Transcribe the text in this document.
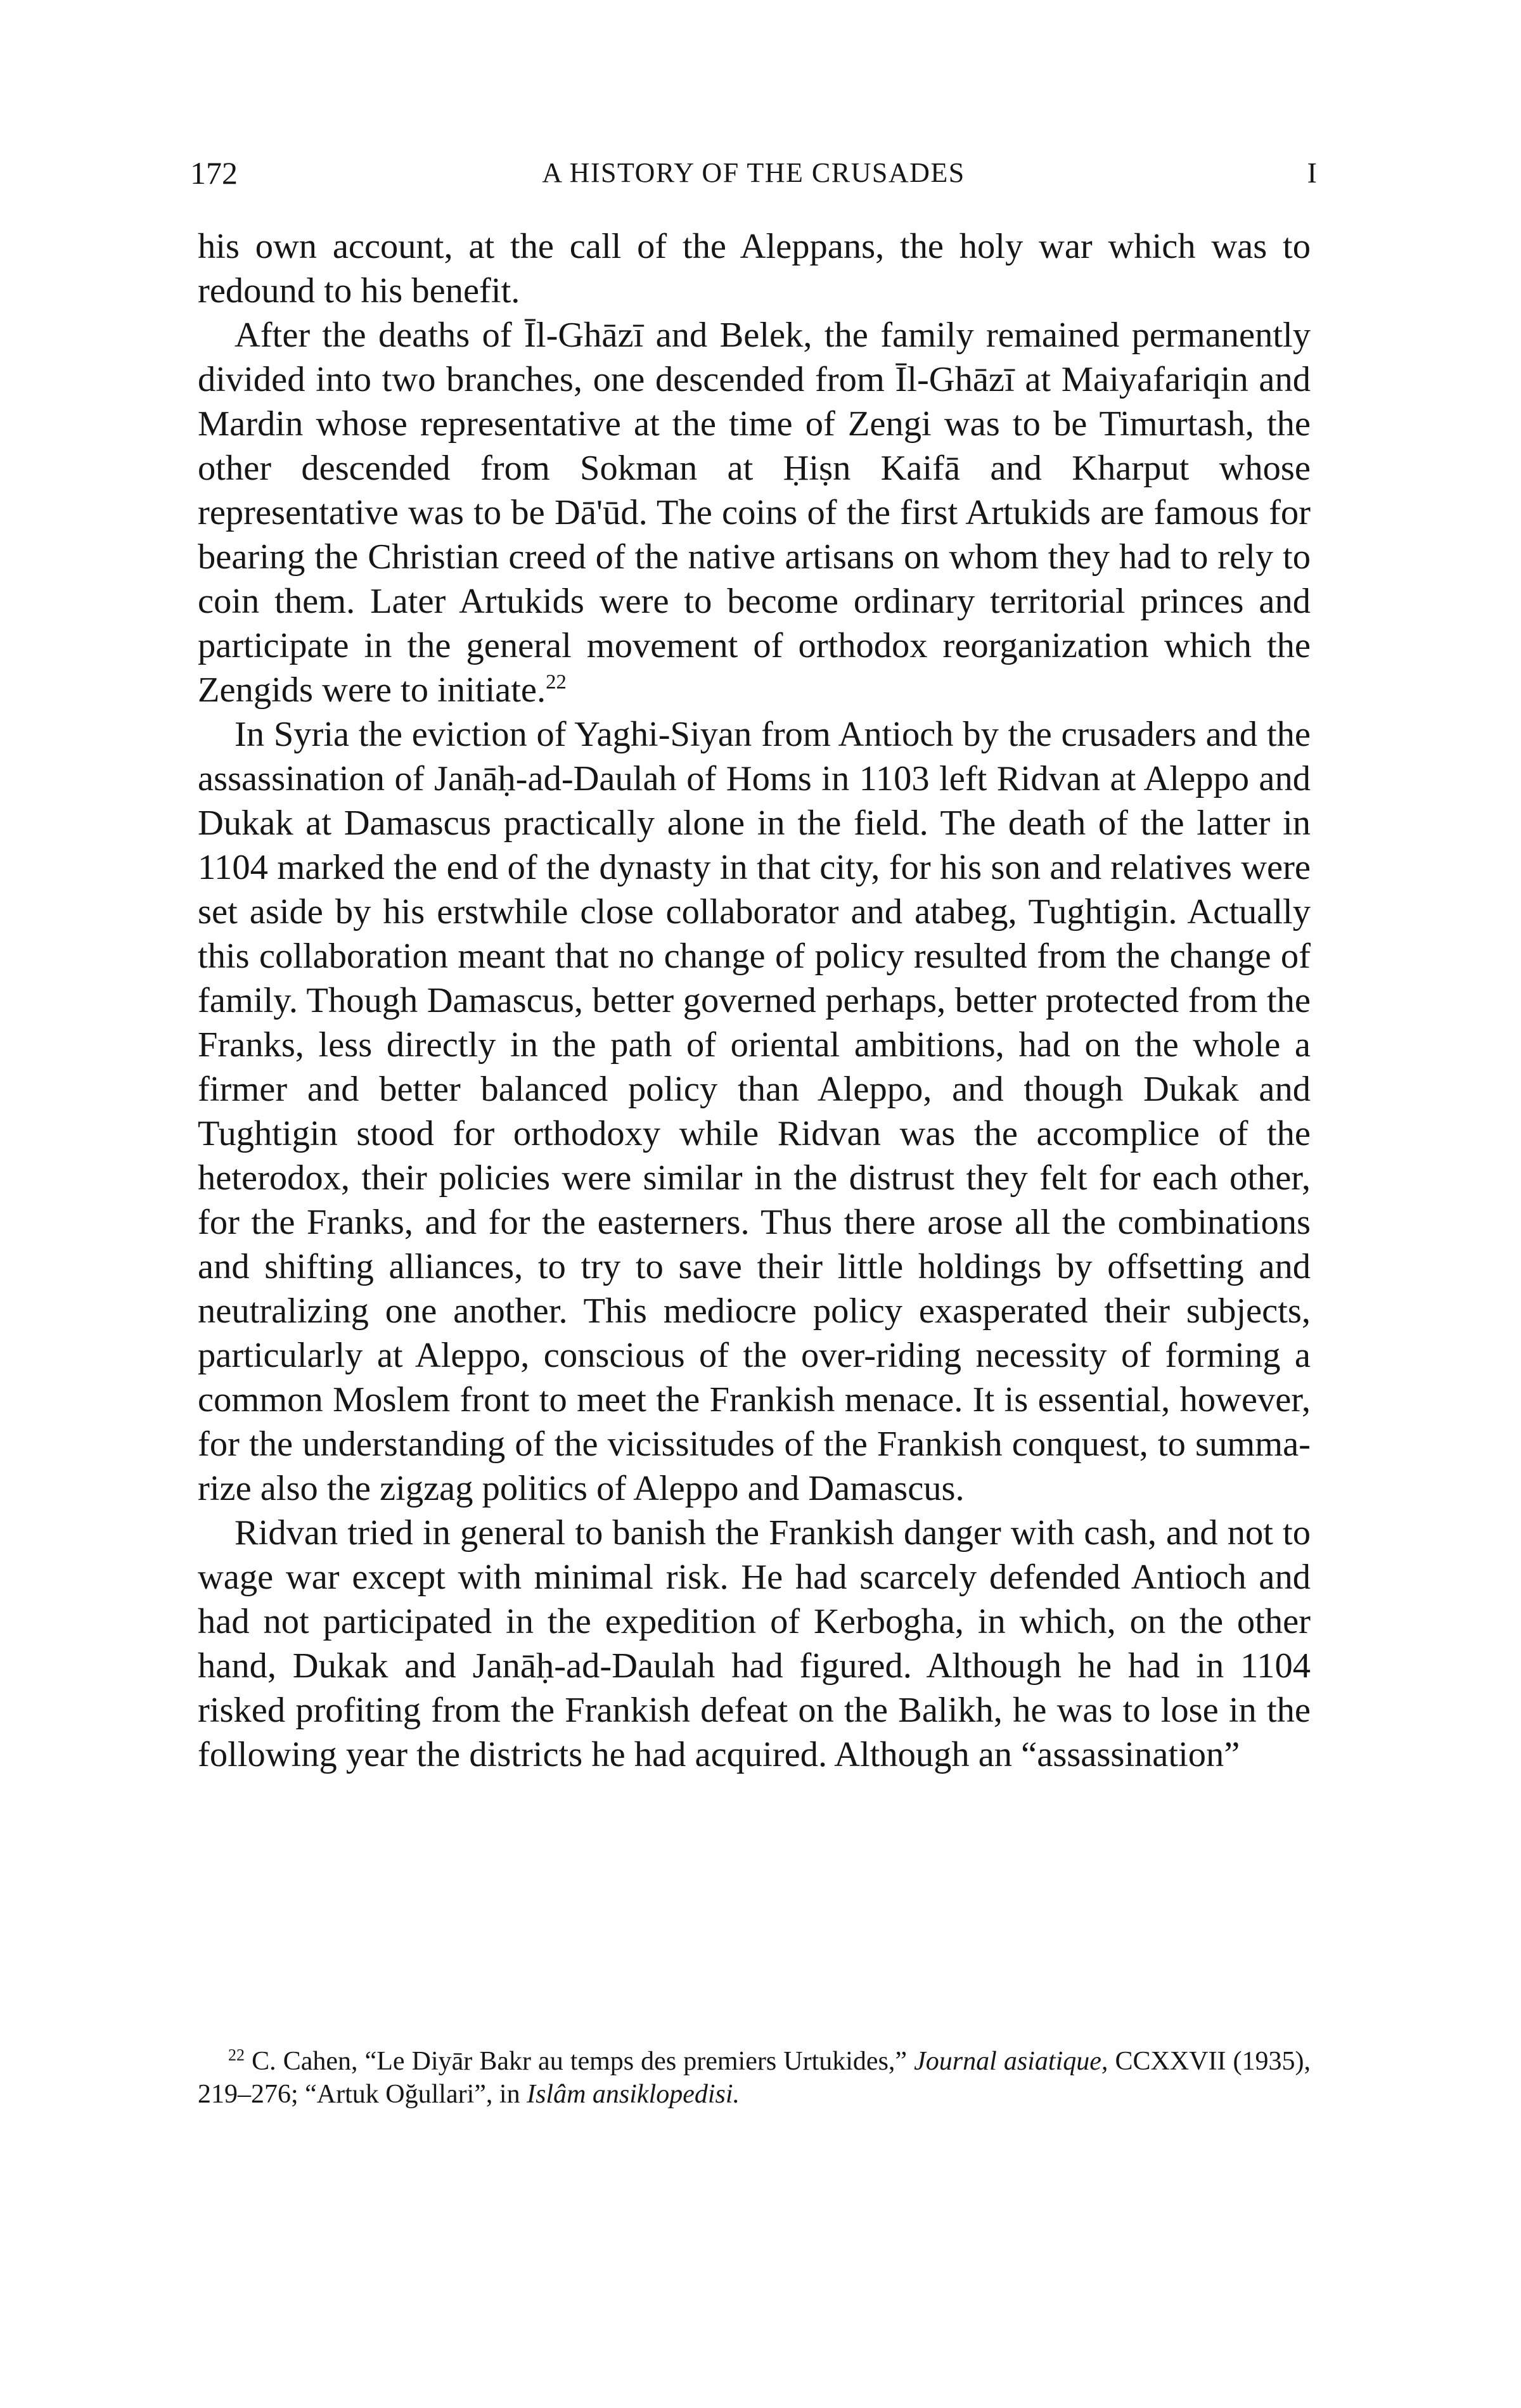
172	A HISTORY OF THE CRUSADES	I

his own account, at the call of the Aleppans, the holy war which was to redound to his benefit.

After the deaths of Īl-Ghāzī and Belek, the family remained permanently divided into two branches, one descended from Īl-Ghāzī at Maiyafariqin and Mardin whose representative at the time of Zengi was to be Timurtash, the other descended from Sokman at Ḥiṣn Kaifā and Kharput whose representative was to be Dā'ūd. The coins of the first Artukids are famous for bearing the Christian creed of the native artisans on whom they had to rely to coin them. Later Artukids were to become ordinary territorial princes and participate in the general movement of orthodox reorganization which the Zengids were to initiate.$^{22}$

In Syria the eviction of Yaghi-Siyan from Antioch by the crusaders and the assassination of Janāḥ-ad-Daulah of Homs in 1103 left Ridvan at Aleppo and Dukak at Damascus practically alone in the field. The death of the latter in 1104 marked the end of the dynasty in that city, for his son and relatives were set aside by his erstwhile close collaborator and atabeg, Tughtigin. Actually this collaboration meant that no change of policy resulted from the change of family. Though Damascus, better governed perhaps, better protected from the Franks, less directly in the path of oriental ambitions, had on the whole a firmer and better balanced policy than Aleppo, and though Dukak and Tughtigin stood for orthodoxy while Ridvan was the accomplice of the heterodox, their policies were similar in the distrust they felt for each other, for the Franks, and for the easterners. Thus there arose all the combinations and shifting alliances, to try to save their little holdings by offsetting and neutralizing one another. This mediocre policy exasperated their subjects, particularly at Aleppo, conscious of the over-riding necessity of forming a common Moslem front to meet the Frankish menace. It is essential, however, for the understanding of the vicissitudes of the Frankish conquest, to summarize also the zigzag politics of Aleppo and Damascus.

Ridvan tried in general to banish the Frankish danger with cash, and not to wage war except with minimal risk. He had scarcely defended Antioch and had not participated in the expedition of Kerbogha, in which, on the other hand, Dukak and Janāḥ-ad-Daulah had figured. Although he had in 1104 risked profiting from the Frankish defeat on the Balikh, he was to lose in the following year the districts he had acquired. Although an “assassination”

$^{22}$ C. Cahen, “Le Diyār Bakr au temps des premiers Urtukides,” Journal asiatique, CCXXVII (1935), 219–276; “Artuk Oğullari”, in Islâm ansiklopedisi.
